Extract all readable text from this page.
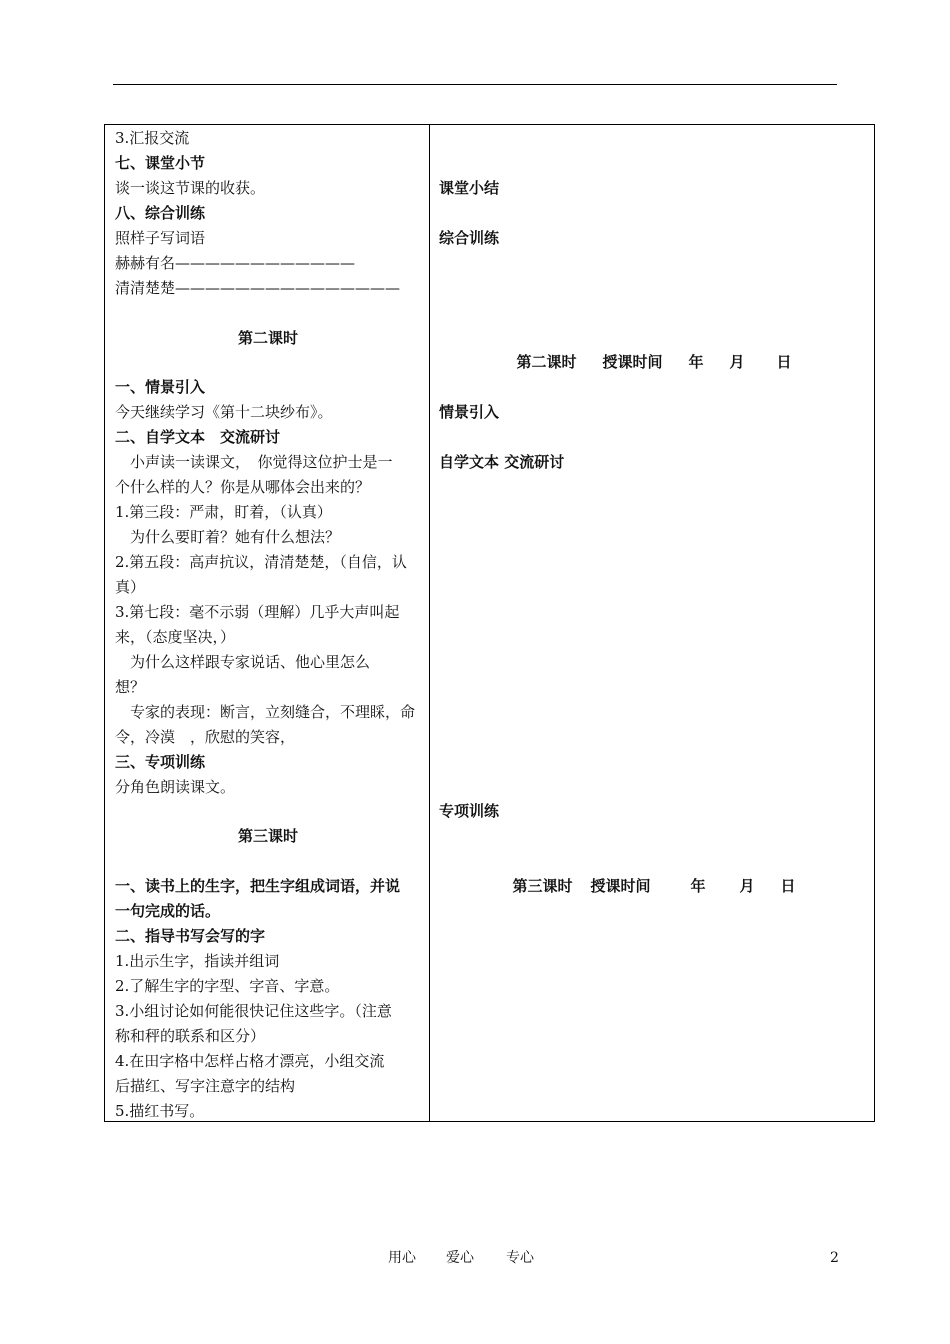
3.汇报交流
七、课堂小节
谈一谈这节课的收获。
八、综合训练
照样子写词语
赫赫有名————————————
清清楚楚———————————————
第二课时
一、情景引入
今天继续学习《第十二块纱布》。
二、自学文本　交流研讨
　小声读一读课文，　你觉得这位护士是一
个什么样的人？你是从哪体会出来的？
1.第三段：严肃，盯着，（认真）
　为什么要盯着？她有什么想法？
2.第五段：高声抗议，清清楚楚，（自信，认
真）
3.第七段：毫不示弱（理解）几乎大声叫起
来，（态度坚决，）
　为什么这样跟专家说话、他心里怎么
想？
　专家的表现：断言，立刻缝合，不理睬，命
令，冷漠　，欣慰的笑容，
三、专项训练
分角色朗读课文。
第三课时
一、读书上的生字，把生字组成词语，并说
一句完成的话。
二、指导书写会写的字
1.出示生字，指读并组词
2.了解生字的字型、字音、字意。
3.小组讨论如何能很快记住这些字。（注意
称和秤的联系和区分）
4.在田字格中怎样占格才漂亮，小组交流
后描红、写字注意字的结构
5.描红书写。
课堂小结
综合训练
第二课时 授课时间 年 月 日
情景引入
自学文本 交流研讨
专项训练
第三课时 授课时间	年 月 日
用心 爱心 专心	2
